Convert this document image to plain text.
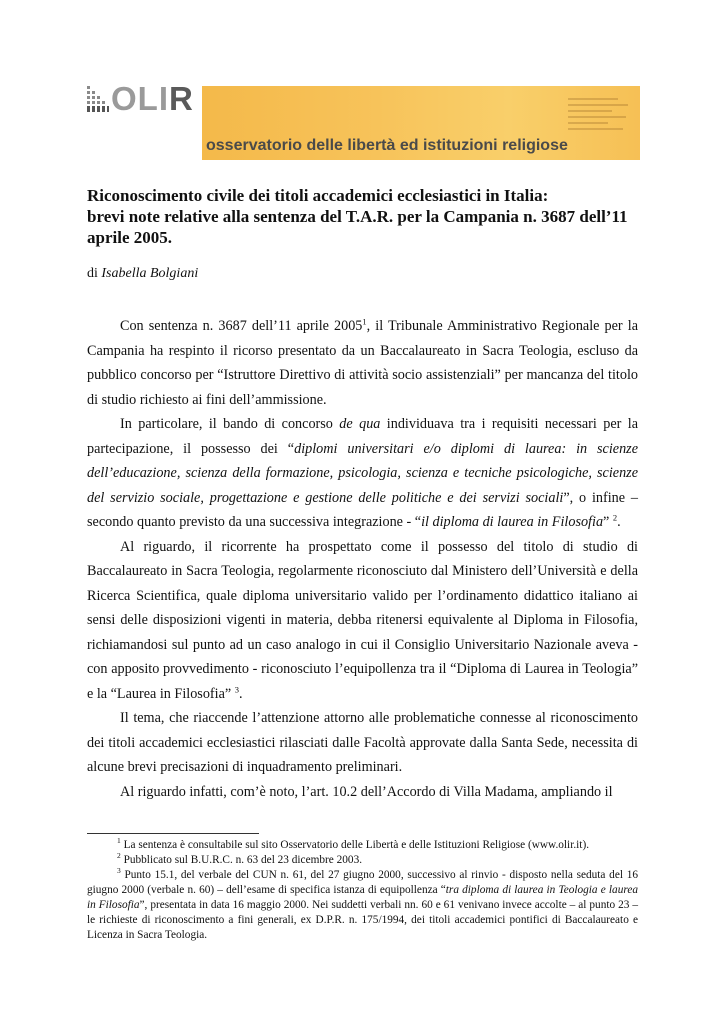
OLIR
osservatorio delle libertà ed istituzioni religiose
Riconoscimento civile dei titoli accademici ecclesiastici in Italia:
brevi note relative alla sentenza del T.A.R. per la Campania n. 3687 dell’11 aprile 2005.
di Isabella Bolgiani

Con sentenza n. 3687 dell’11 aprile 2005$^1$, il Tribunale Amministrativo Regionale per la Campania ha respinto il ricorso presentato da un Baccalaureato in Sacra Teologia, escluso da pubblico concorso per “Istruttore Direttivo di attività socio assistenziali” per mancanza del titolo di studio richiesto ai fini dell’ammissione.

In particolare, il bando di concorso de qua individuava tra i requisiti necessari per la partecipazione, il possesso dei “diplomi universitari e/o diplomi di laurea: in scienze dell’educazione, scienza della formazione, psicologia, scienza e tecniche psicologiche, scienze del servizio sociale, progettazione e gestione delle politiche e dei servizi sociali”, o infine – secondo quanto previsto da una successiva integrazione - “il diploma di laurea in Filosofia” $^2$.

Al riguardo, il ricorrente ha prospettato come il possesso del titolo di studio di Baccalaureato in Sacra Teologia, regolarmente riconosciuto dal Ministero dell’Università e della Ricerca Scientifica, quale diploma universitario valido per l’ordinamento didattico italiano ai sensi delle disposizioni vigenti in materia, debba ritenersi equivalente al Diploma in Filosofia, richiamandosi sul punto ad un caso analogo in cui il Consiglio Universitario Nazionale aveva - con apposito provvedimento - riconosciuto l’equipollenza tra il “Diploma di Laurea in Teologia” e la “Laurea in Filosofia” $^3$.

Il tema, che riaccende l’attenzione attorno alle problematiche connesse al riconoscimento dei titoli accademici ecclesiastici rilasciati dalle Facoltà approvate dalla Santa Sede, necessita di alcune brevi precisazioni di inquadramento preliminari.

Al riguardo infatti, com’è noto, l’art. 10.2 dell’Accordo di Villa Madama, ampliando il

$^1$ La sentenza è consultabile sul sito Osservatorio delle Libertà e delle Istituzioni Religiose (www.olir.it).

$^2$ Pubblicato sul B.U.R.C. n. 63 del 23 dicembre 2003.

$^3$ Punto 15.1, del verbale del CUN n. 61, del 27 giugno 2000, successivo al rinvio - disposto nella seduta del 16 giugno 2000 (verbale n. 60) – dell’esame di specifica istanza di equipollenza “tra diploma di laurea in Teologia e laurea in Filosofia”, presentata in data 16 maggio 2000. Nei suddetti verbali nn. 60 e 61 venivano invece accolte – al punto 23 – le richieste di riconoscimento a fini generali, ex D.P.R. n. 175/1994, dei titoli accademici pontifici di Baccalaureato e Licenza in Sacra Teologia.
